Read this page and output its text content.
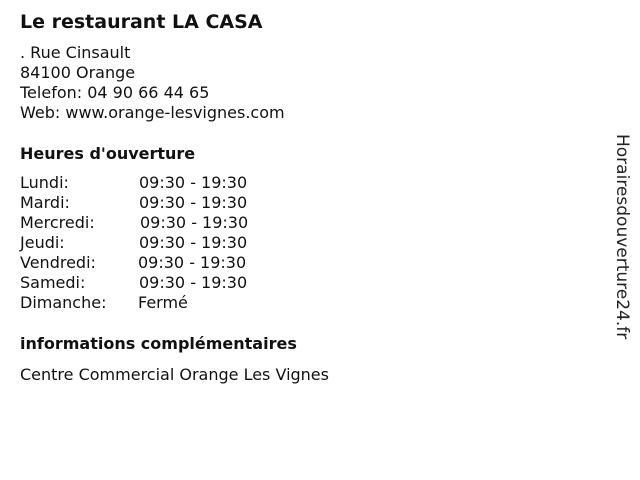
Le restaurant LA CASA

. Rue Cinsault

84100 Orange

Telefon: 04 90 66 44 65

Web: www.orange-lesvignes.com

Heures d'ouverture
Lundi:	09:30 - 19:30
Mardi:	09:30 - 19:30
Mercredi:	09:30 - 19:30
Jeudi:	09:30 - 19:30
Vendredi:	09:30 - 19:30
Samedi:	09:30 - 19:30
Dimanche: Fermé
informations complémentaires

Centre Commercial Orange Les Vignes

Horairesdouverture24.fr
